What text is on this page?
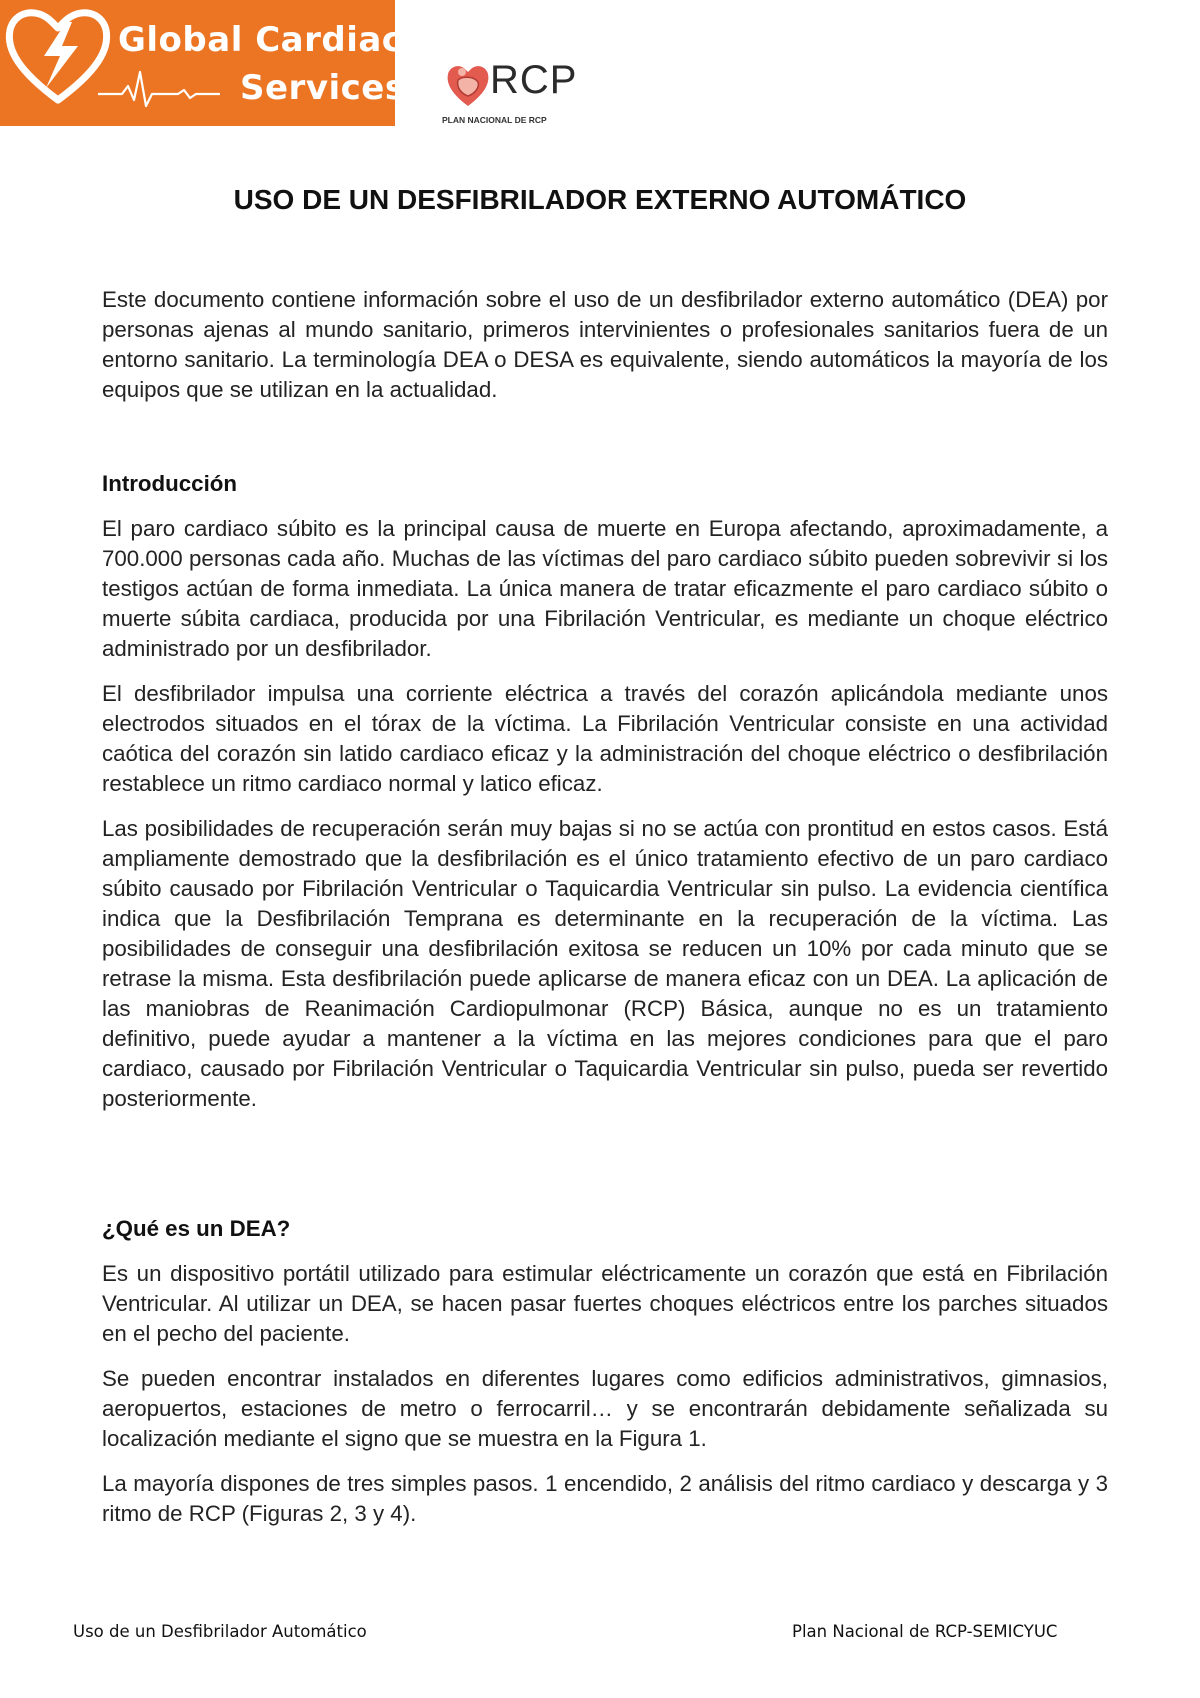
Global Cardiac
Services RCP
PLAN NACIONAL DE RCP
USO DE UN DESFIBRILADOR EXTERNO AUTOMÁTICO

Este documento contiene información sobre el uso de un desfibrilador externo automático (DEA) por personas ajenas al mundo sanitario, primeros intervinientes o profesionales sanitarios fuera de un entorno sanitario. La terminología DEA o DESA es equivalente, siendo automáticos la mayoría de los equipos que se utilizan en la actualidad.

Introducción

El paro cardiaco súbito es la principal causa de muerte en Europa afectando, aproximadamente, a 700.000 personas cada año. Muchas de las víctimas del paro cardiaco súbito pueden sobrevivir si los testigos actúan de forma inmediata. La única manera de tratar eficazmente el paro cardiaco súbito o muerte súbita cardiaca, producida por una Fibrilación Ventricular, es mediante un choque eléctrico administrado por un desfibrilador.

El desfibrilador impulsa una corriente eléctrica a través del corazón aplicándola mediante unos electrodos situados en el tórax de la víctima. La Fibrilación Ventricular consiste en una actividad caótica del corazón sin latido cardiaco eficaz y la administración del choque eléctrico o desfibrilación restablece un ritmo cardiaco normal y latico eficaz.

Las posibilidades de recuperación serán muy bajas si no se actúa con prontitud en estos casos. Está ampliamente demostrado que la desfibrilación es el único tratamiento efectivo de un paro cardiaco súbito causado por Fibrilación Ventricular o Taquicardia Ventricular sin pulso. La evidencia científica indica que la Desfibrilación Temprana es determinante en la recuperación de la víctima. Las posibilidades de conseguir una desfibrilación exitosa se reducen un 10% por cada minuto que se retrase la misma. Esta desfibrilación puede aplicarse de manera eficaz con un DEA. La aplicación de las maniobras de Reanimación Cardiopulmonar (RCP) Básica, aunque no es un tratamiento definitivo, puede ayudar a mantener a la víctima en las mejores condiciones para que el paro cardiaco, causado por Fibrilación Ventricular o Taquicardia Ventricular sin pulso, pueda ser revertido posteriormente.

¿Qué es un DEA?

Es un dispositivo portátil utilizado para estimular eléctricamente un corazón que está en Fibrilación Ventricular. Al utilizar un DEA, se hacen pasar fuertes choques eléctricos entre los parches situados en el pecho del paciente.

Se pueden encontrar instalados en diferentes lugares como edificios administrativos, gimnasios, aeropuertos, estaciones de metro o ferrocarril… y se encontrarán debidamente señalizada su localización mediante el signo que se muestra en la Figura 1.

La mayoría dispones de tres simples pasos. 1 encendido, 2 análisis del ritmo cardiaco y descarga y 3 ritmo de RCP (Figuras 2, 3 y 4).

Uso de un Desfibrilador Automático	Plan Nacional de RCP-SEMICYUC
